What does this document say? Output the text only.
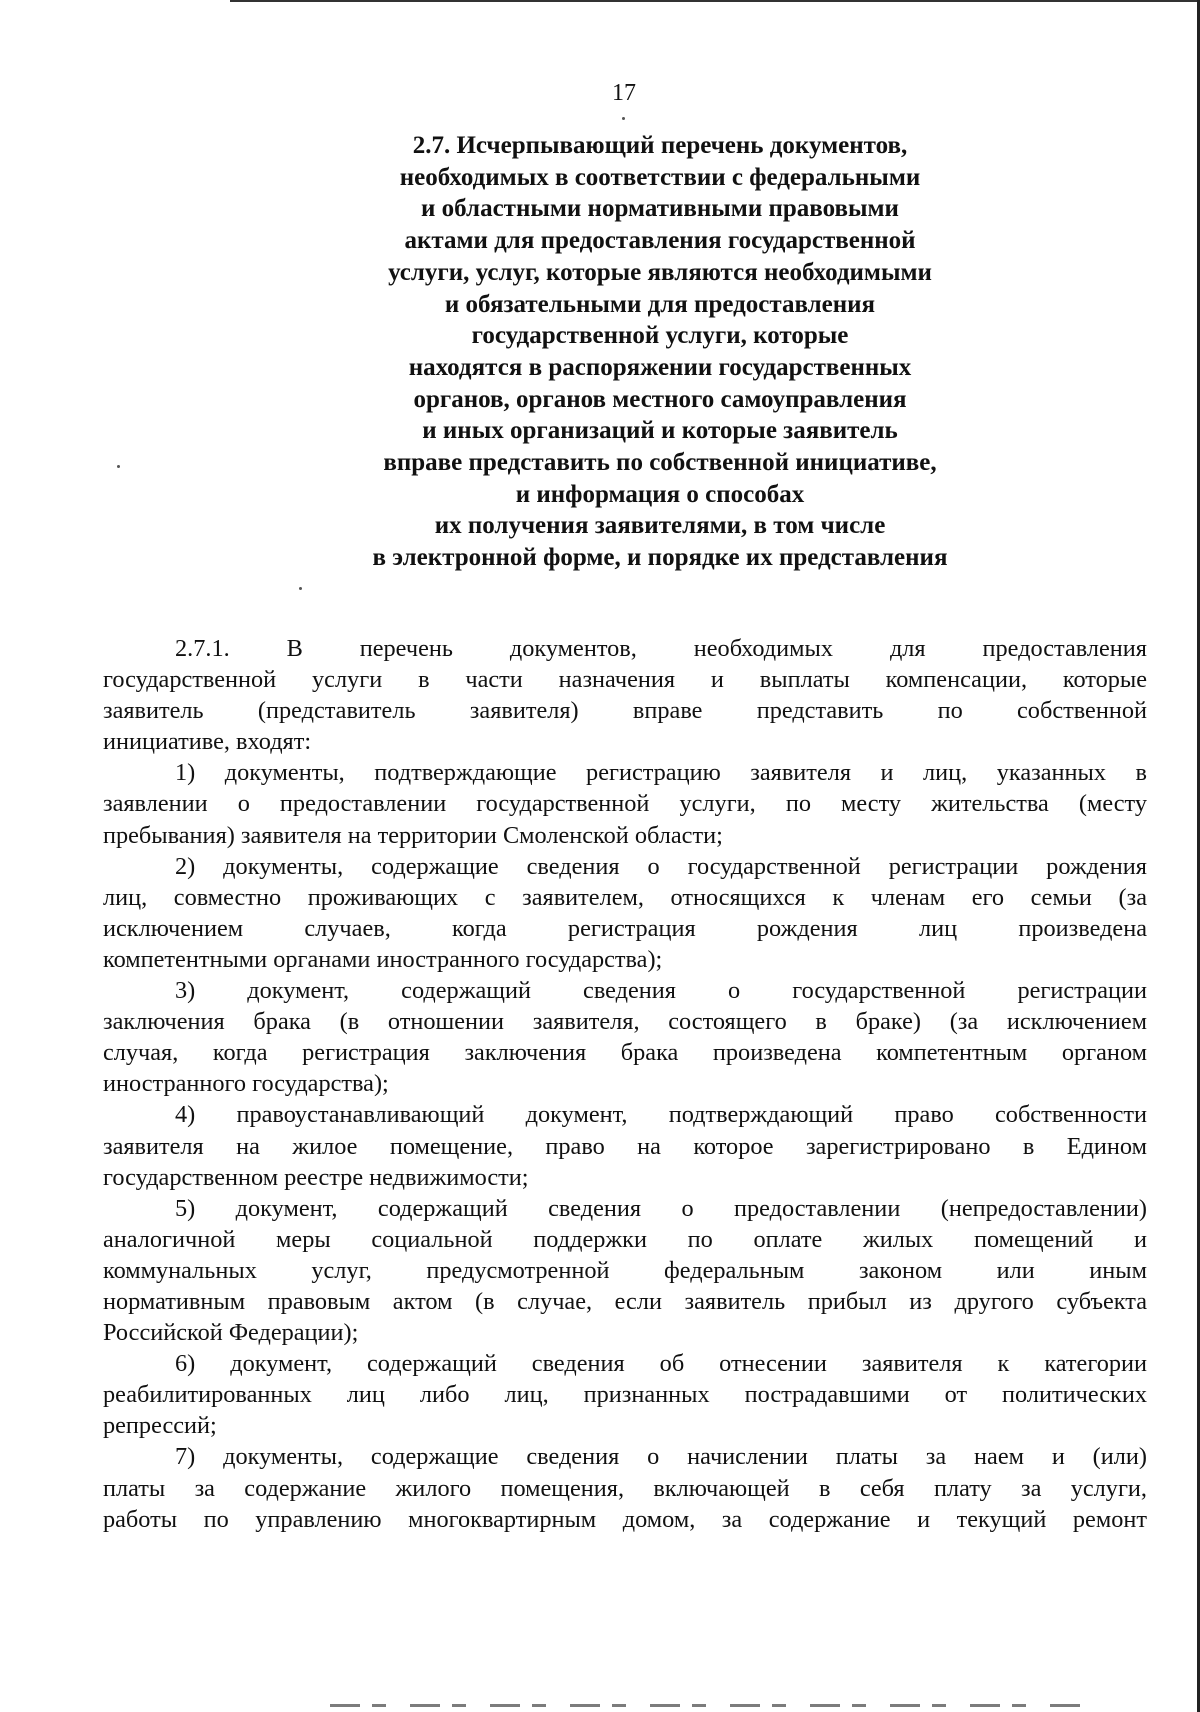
17
2.7. Исчерпывающий перечень документов,
необходимых в соответствии с федеральными
и областными нормативными правовыми
актами для предоставления государственной
услуги, услуг, которые являются необходимыми
и обязательными для предоставления
государственной услуги, которые
находятся в распоряжении государственных
органов, органов местного самоуправления
и иных организаций и которые заявитель
вправе представить по собственной инициативе,
и информация о способах
их получения заявителями, в том числе
в электронной форме, и порядке их представления
2.7.1. В перечень документов, необходимых для предоставления
государственной услуги в части назначения и выплаты компенсации, которые
заявитель (представитель заявителя) вправе представить по собственной
инициативе, входят:
1) документы, подтверждающие регистрацию заявителя и лиц, указанных в
заявлении о предоставлении государственной услуги, по месту жительства (месту
пребывания) заявителя на территории Смоленской области;
2) документы, содержащие сведения о государственной регистрации рождения
лиц, совместно проживающих с заявителем, относящихся к членам его семьи (за
исключением случаев, когда регистрация рождения лиц произведена
компетентными органами иностранного государства);
3) документ, содержащий сведения о государственной регистрации
заключения брака (в отношении заявителя, состоящего в браке) (за исключением
случая, когда регистрация заключения брака произведена компетентным органом
иностранного государства);
4) правоустанавливающий документ, подтверждающий право собственности
заявителя на жилое помещение, право на которое зарегистрировано в Едином
государственном реестре недвижимости;
5) документ, содержащий сведения о предоставлении (непредоставлении)
аналогичной меры социальной поддержки по оплате жилых помещений и
коммунальных услуг, предусмотренной федеральным законом или иным
нормативным правовым актом (в случае, если заявитель прибыл из другого субъекта
Российской Федерации);
6) документ, содержащий сведения об отнесении заявителя к категории
реабилитированных лиц либо лиц, признанных пострадавшими от политических
репрессий;
7) документы, содержащие сведения о начислении платы за наем и (или)
платы за содержание жилого помещения, включающей в себя плату за услуги,
работы по управлению многоквартирным домом, за содержание и текущий ремонт
